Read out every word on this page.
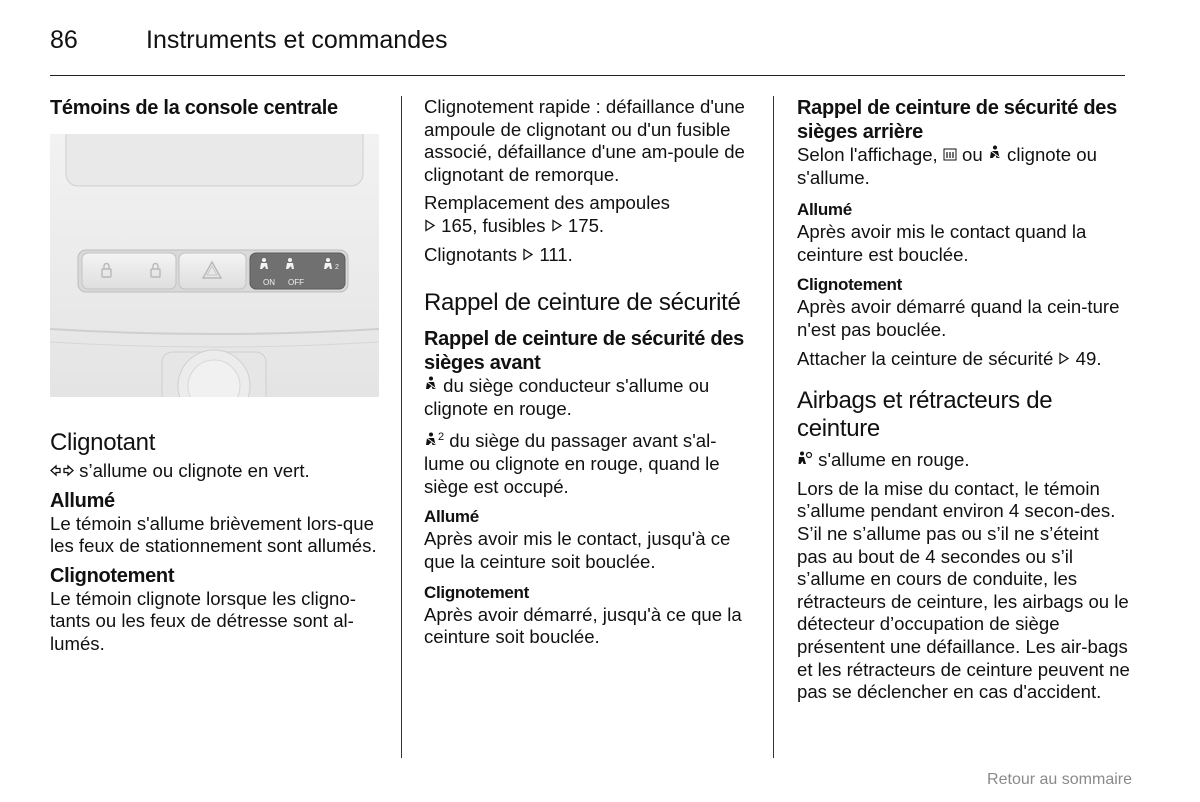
86	Instruments et commandes
Témoins de la console centrale
ON OFF
2
Clignotant

s’allume ou clignote en vert.

Allumé

Le témoin s'allume brièvement lors-que les feux de stationnement sont allumés.

Clignotement

Le témoin clignote lorsque les cligno-tants ou les feux de détresse sont al-lumés.

Clignotement rapide : défaillance d'une ampoule de clignotant ou d'un fusible associé, défaillance d'une am-poule de clignotant de remorque.

Remplacement des ampoules
165, fusibles  175.

Clignotants  111.

Rappel de ceinture de sécurité
Rappel de ceinture de sécurité des sièges avant

du siège conducteur s'allume ou clignote en rouge.

$^2$ du siège du passager avant s'al-lume ou clignote en rouge, quand le siège est occupé.

Allumé

Après avoir mis le contact, jusqu'à ce que la ceinture soit bouclée.

Clignotement

Après avoir démarré, jusqu'à ce que la ceinture soit bouclée.

Rappel de ceinture de sécurité des sièges arrière

Selon l'affichage,  ou  clignote ou s'allume.

Allumé

Après avoir mis le contact quand la ceinture est bouclée.

Clignotement

Après avoir démarré quand la cein-ture n'est pas bouclée.

Attacher la ceinture de sécurité  49.

Airbags et rétracteurs de ceinture

s'allume en rouge.

Lors de la mise du contact, le témoin s’allume pendant environ 4 secon-des. S’il ne s’allume pas ou s’il ne s’éteint pas au bout de 4 secondes ou s’il s’allume en cours de conduite, les rétracteurs de ceinture, les airbags ou le détecteur d’occupation de siège présentent une défaillance. Les air-bags et les rétracteurs de ceinture peuvent ne pas se déclencher en cas d'accident.

Retour au sommaire
